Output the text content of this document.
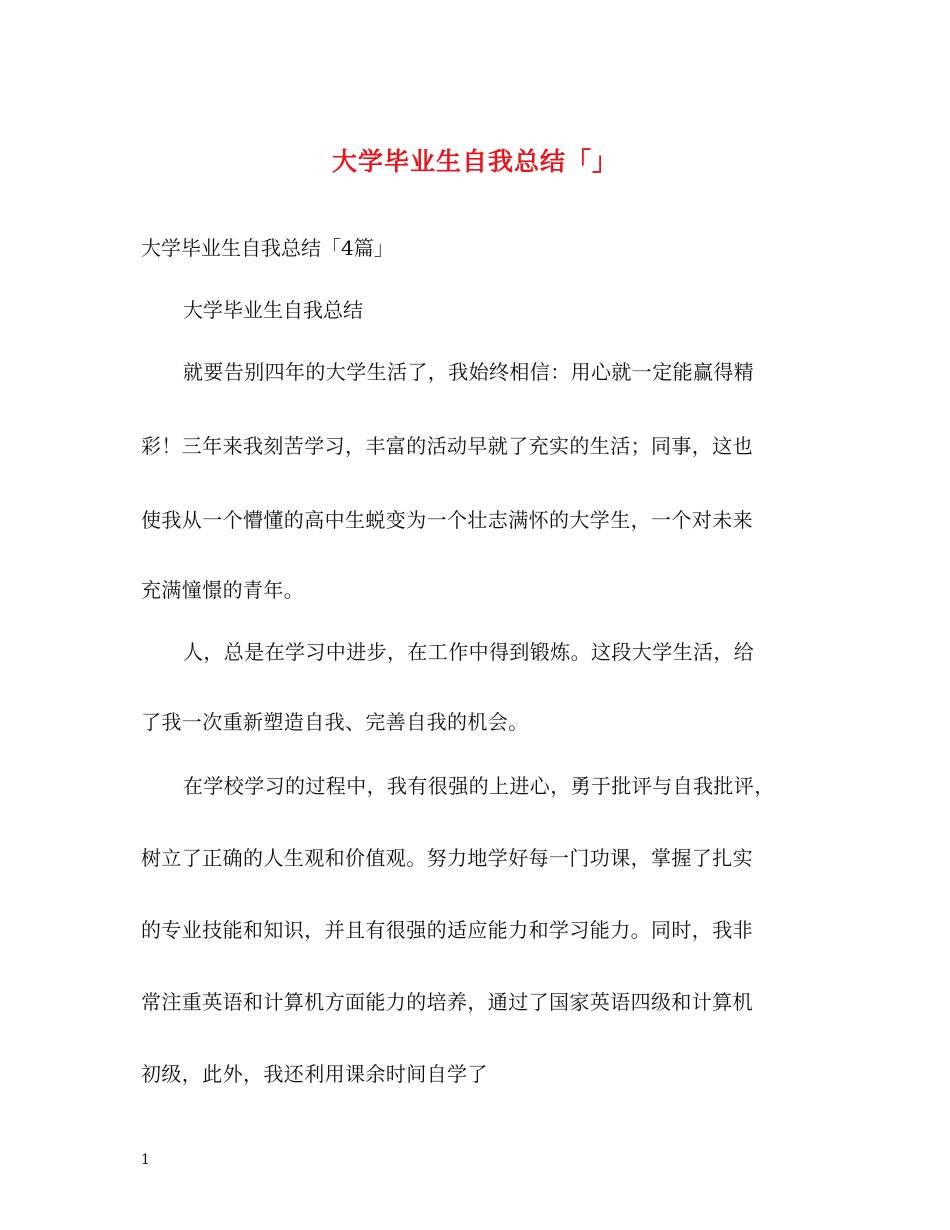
大学毕业生自我总结「」
大学毕业生自我总结「4篇」
大学毕业生自我总结
就要告别四年的大学生活了，我始终相信：用心就一定能赢得精
彩！三年来我刻苦学习，丰富的活动早就了充实的生活；同事，这也
使我从一个懵懂的高中生蜕变为一个壮志满怀的大学生，一个对未来
充满憧憬的青年。
人，总是在学习中进步，在工作中得到锻炼。这段大学生活，给
了我一次重新塑造自我、完善自我的机会。
在学校学习的过程中，我有很强的上进心，勇于批评与自我批评，
树立了正确的人生观和价值观。努力地学好每一门功课，掌握了扎实
的专业技能和知识，并且有很强的适应能力和学习能力。同时，我非
常注重英语和计算机方面能力的培养，通过了国家英语四级和计算机
初级，此外，我还利用课余时间自学了
1
